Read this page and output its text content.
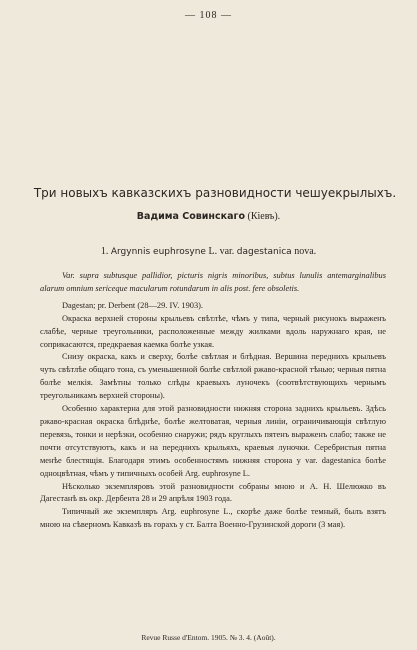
— 108 —
Три новыхъ кавказскихъ разновидности чешуекрылыхъ.
Вадима Совинскаго (Кіевъ).
1. Argynnis euphrosyne L. var. dagestanica nova.

Var. supra subtusque pallidior, picturis nigris minoribus, subtus lunulis antemarginalibus alarum omnium sericeque macularum rotundarum in alis post. fere obsoletis.

Dagestan; pr. Derbent (28—29. IV. 1903).

Окраска верхней стороны крыльевъ свѣтлѣе, чѣмъ у типа, черный рисунокъ выраженъ слабѣе, черные треугольники, расположенные между жилками вдоль наружнаго края, не соприкасаются, предкраевая каемка болѣе узкая.

Снизу окраска, какъ и сверху, болѣе свѣтлая и блѣдная. Вершина переднихъ крыльевъ чуть свѣтлѣе общаго тона, съ уменьшенной болѣе свѣтлой ржаво-красной тѣнью; черныя пятна болѣе мелкія. Замѣтны только слѣды краевыхъ луночекъ (соотвѣтствующихъ чернымъ треугольникамъ верхней стороны).

Особенно характерна для этой разновидности нижняя сторона заднихъ крыльевъ. Здѣсь ржаво-красная окраска блѣднѣе, болѣе желтоватая, черныя линіи, ограничивающія свѣтлую перевязь, тонки и нерѣзки, особенно снаружи; рядъ круглыхъ пятенъ выраженъ слабо; также не почти отсутствуютъ, какъ и на переднихъ крыльяхъ, краевыя луночки. Серебристыя пятна менѣе блестящія. Благодаря этимъ особенностямъ нижняя сторона у var. dagestanica болѣе одноцвѣтная, чѣмъ у типичныхъ особей Arg. euphrosyne L.

Нѣсколько экземпляровъ этой разновидности собраны мною и А. Н. Шелюжко въ Дагестанѣ въ окр. Дербента 28 и 29 апрѣля 1903 года.

Типичный же экземпляръ Arg. euphrosyne L., скорѣе даже болѣе темный, былъ взятъ мною на сѣверномъ Кавказѣ въ горахъ у ст. Балта Военно-Грузинской дороги (3 мая).

Revue Russe d'Entom. 1905. № 3. 4. (Août).
